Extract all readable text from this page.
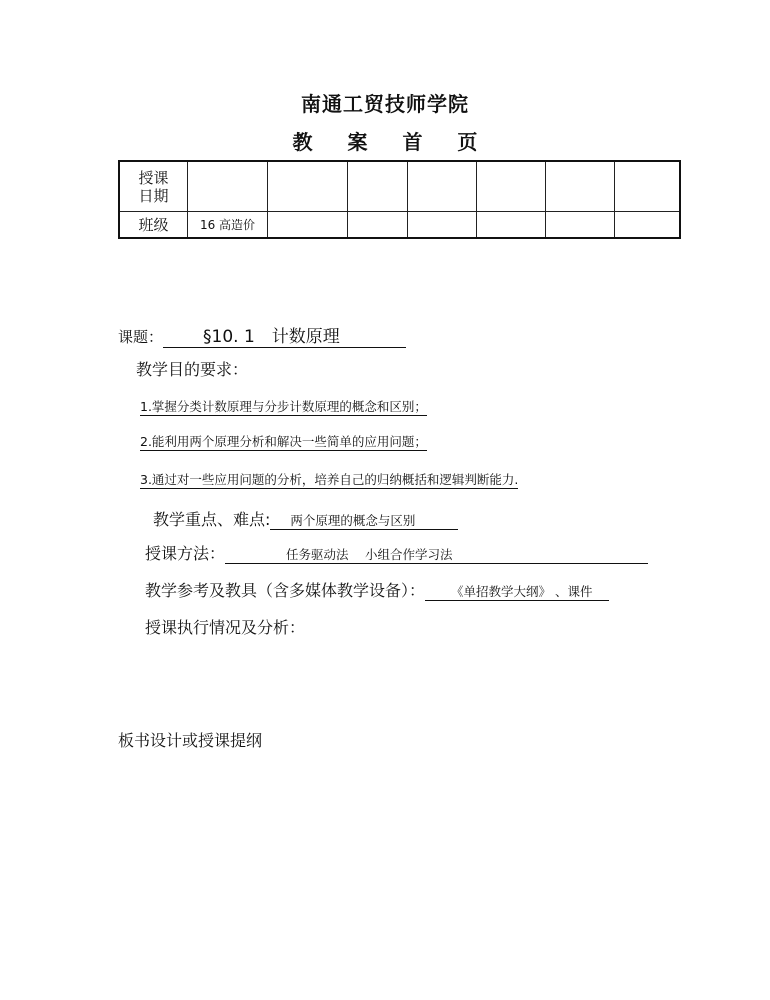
南通工贸技师学院
教 案 首 页
授课
日期							
班级	16 高造价						
课题： §10. 1　计数原理
教学目的要求：
1.掌握分类计数原理与分步计数原理的概念和区别；
2.能利用两个原理分析和解决一些简单的应用问题；
3.通过对一些应用问题的分析，培养自己的归纳概括和逻辑判断能力.
教学重点、难点: 两个原理的概念与区别
授课方法：	任务驱动法　 小组合作学习法
教学参考及教具（含多媒体教学设备）： 《单招教学大纲》 、课件
授课执行情况及分析：
板书设计或授课提纲
